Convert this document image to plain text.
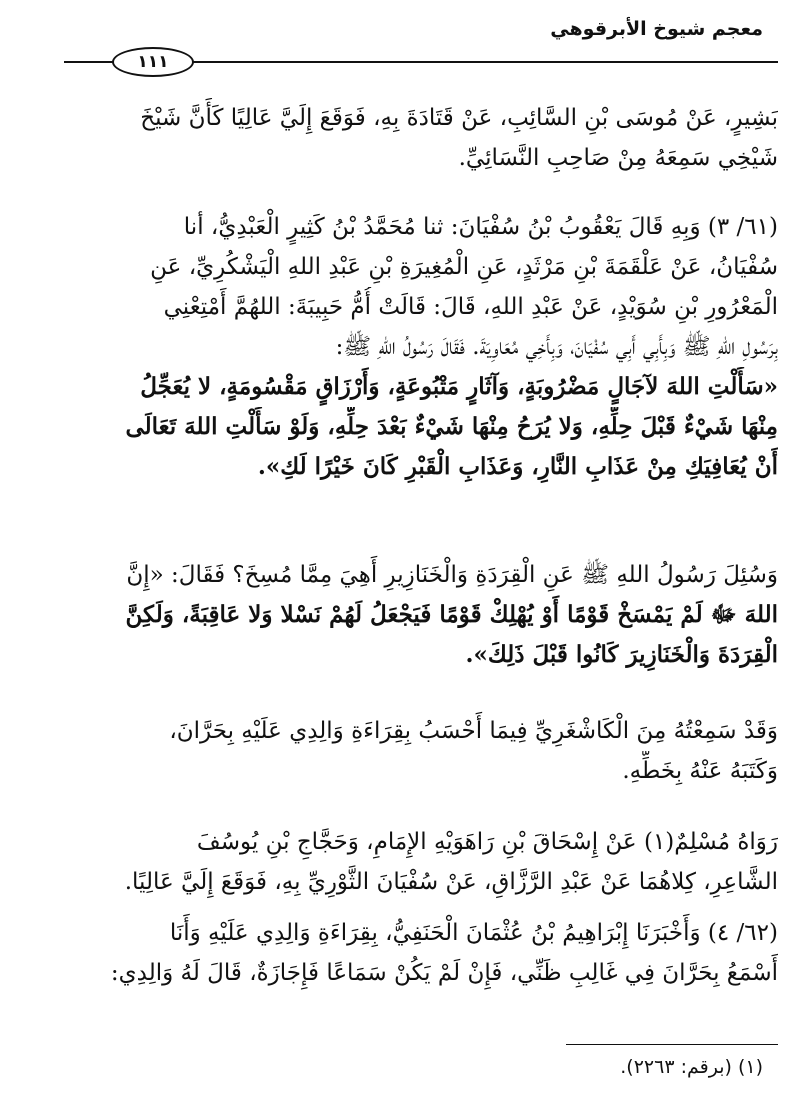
معجم شيوخ الأبرقوهي
١١١
بَشِيرٍ، عَنْ مُوسَى بْنِ السَّائِبِ، عَنْ قَتَادَةَ بِهِ، فَوَقَعَ إِلَيَّ عَالِيًا كَأَنَّ شَيْخَ
شَيْخِي سَمِعَهُ مِنْ صَاحِبِ النَّسَائِيِّ.
(٦١/ ٣) وَبِهِ قَالَ يَعْقُوبُ بْنُ سُفْيَانَ: ثنا مُحَمَّدُ بْنُ كَثِيرٍ الْعَبْدِيُّ، أنا
سُفْيَانُ، عَنْ عَلْقَمَةَ بْنِ مَرْثَدٍ، عَنِ الْمُغِيرَةِ بْنِ عَبْدِ اللهِ الْيَشْكُرِيِّ، عَنِ
الْمَعْرُورِ بْنِ سُوَيْدٍ، عَنْ عَبْدِ اللهِ، قَالَ: قَالَتْ أُمُّ حَبِيبَةَ: اللهُمَّ أَمْتِعْنِي
بِرَسُولِ اللهِ ﷺ وَبِأَبِي أَبِي سُفْيَانَ، وَبِأَخِي مُعَاوِيَةَ. فَقَالَ رَسُولُ اللهِ ﷺ:
«سَأَلْتِ اللهَ لآجَالٍ مَضْرُوبَةٍ، وَآثَارٍ مَتْبُوعَةٍ، وَأَرْزَاقٍ مَقْسُومَةٍ، لا يُعَجِّلُ
مِنْهَا شَيْءٌ قَبْلَ حِلِّهِ، وَلا يُرَحُ مِنْهَا شَيْءٌ بَعْدَ حِلِّهِ، وَلَوْ سَأَلْتِ اللهَ تَعَالَى
أَنْ يُعَافِيَكِ مِنْ عَذَابِ النَّارِ، وَعَذَابِ الْقَبْرِ كَانَ خَيْرًا لَكِ».
وَسُئِلَ رَسُولُ اللهِ ﷺ عَنِ الْقِرَدَةِ وَالْخَنَازِيرِ أَهِيَ مِمَّا مُسِخَ؟ فَقَالَ: «إِنَّ
اللهَ ﷻ لَمْ يَمْسَخْ قَوْمًا أَوْ يُهْلِكْ قَوْمًا فَيَجْعَلُ لَهُمْ نَسْلا وَلا عَاقِبَةً، وَلَكِنَّ
الْقِرَدَةَ وَالْخَنَازِيرَ كَانُوا قَبْلَ ذَلِكَ».
وَقَدْ سَمِعْتُهُ مِنَ الْكَاشْغَرِيِّ فِيمَا أَحْسَبُ بِقِرَاءَةِ وَالِدِي عَلَيْهِ بِحَرَّانَ،
وَكَتَبَهُ عَنْهُ بِخَطِّهِ.
رَوَاهُ مُسْلِمٌ(١) عَنْ إِسْحَاقَ بْنِ رَاهَوَيْهِ الإِمَامِ، وَحَجَّاجِ بْنِ يُوسُفَ
الشَّاعِرِ، كِلاهُمَا عَنْ عَبْدِ الرَّزَّاقِ، عَنْ سُفْيَانَ الثَّوْرِيِّ بِهِ، فَوَقَعَ إِلَيَّ عَالِيًا.
(٦٢/ ٤) وَأَخْبَرَنَا إِبْرَاهِيمُ بْنُ عُثْمَانَ الْحَنَفِيُّ، بِقِرَاءَةِ وَالِدِي عَلَيْهِ وَأَنَا
أَسْمَعُ بِحَرَّانَ فِي غَالِبِ ظَنِّي، فَإِنْ لَمْ يَكُنْ سَمَاعًا فَإِجَازَةٌ، قَالَ لَهُ وَالِدِي:
(١) (برقم: ٢٢٦٣).
